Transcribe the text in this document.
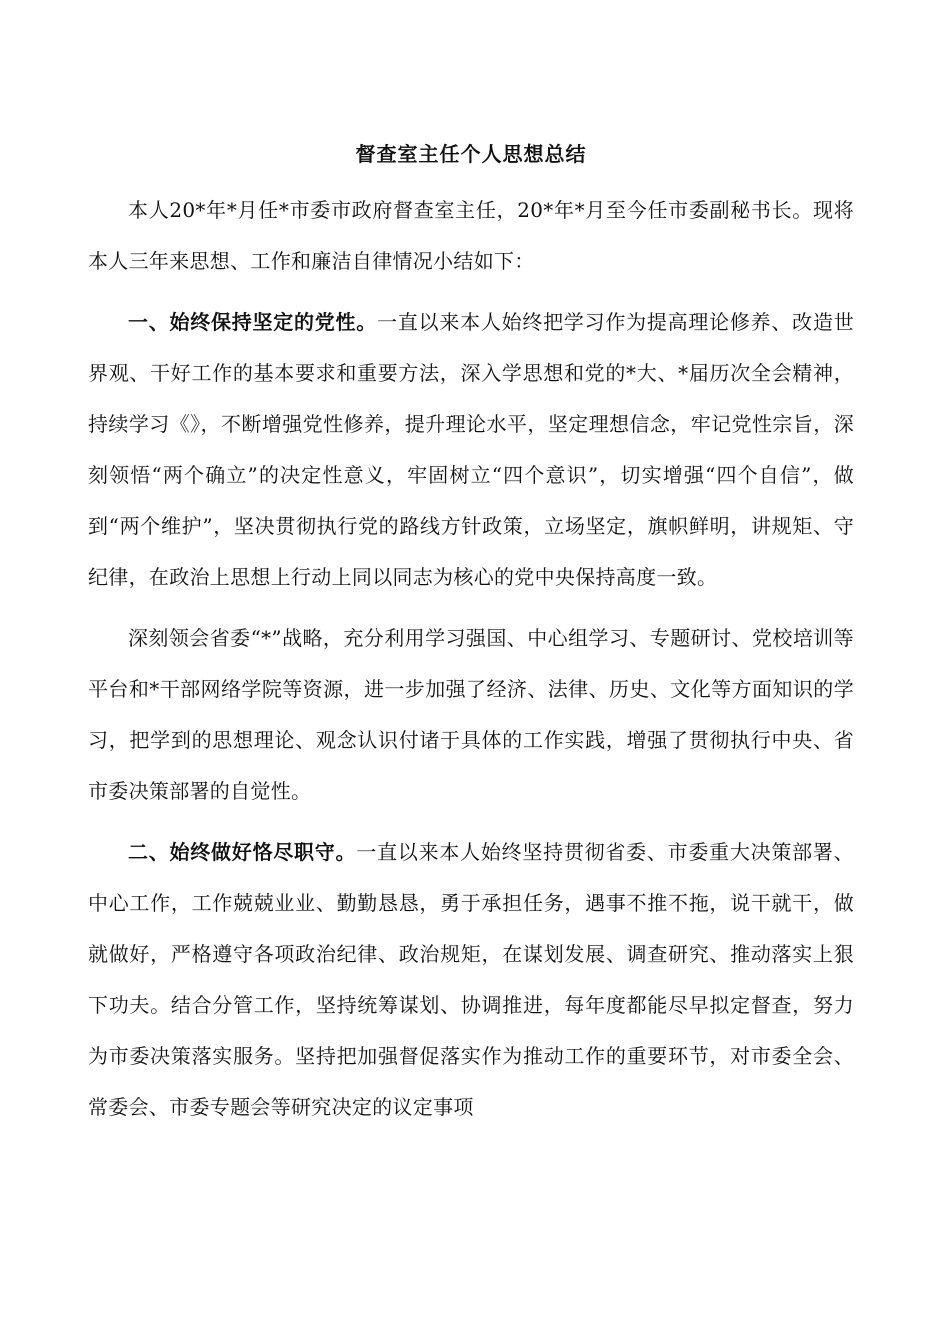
督查室主任个人思想总结

本人20*年*月任*市委市政府督查室主任，20*年*月至今任市委副秘书长。现将本人三年来思想、工作和廉洁自律情况小结如下：

一、始终保持坚定的党性。一直以来本人始终把学习作为提高理论修养、改造世界观、干好工作的基本要求和重要方法，深入学思想和党的*大、*届历次全会精神，持续学习《》，不断增强党性修养，提升理论水平，坚定理想信念，牢记党性宗旨，深刻领悟“两个确立”的决定性意义，牢固树立“四个意识”，切实增强“四个自信”，做到“两个维护”，坚决贯彻执行党的路线方针政策，立场坚定，旗帜鲜明，讲规矩、守纪律，在政治上思想上行动上同以同志为核心的党中央保持高度一致。

深刻领会省委“*”战略，充分利用学习强国、中心组学习、专题研讨、党校培训等平台和*干部网络学院等资源，进一步加强了经济、法律、历史、文化等方面知识的学习，把学到的思想理论、观念认识付诸于具体的工作实践，增强了贯彻执行中央、省市委决策部署的自觉性。

二、始终做好恪尽职守。一直以来本人始终坚持贯彻省委、市委重大决策部署、中心工作，工作兢兢业业、勤勤恳恳，勇于承担任务，遇事不推不拖，说干就干，做就做好，严格遵守各项政治纪律、政治规矩，在谋划发展、调查研究、推动落实上狠下功夫。结合分管工作，坚持统筹谋划、协调推进，每年度都能尽早拟定督查，努力为市委决策落实服务。坚持把加强督促落实作为推动工作的重要环节，对市委全会、常委会、市委专题会等研究决定的议定事项
